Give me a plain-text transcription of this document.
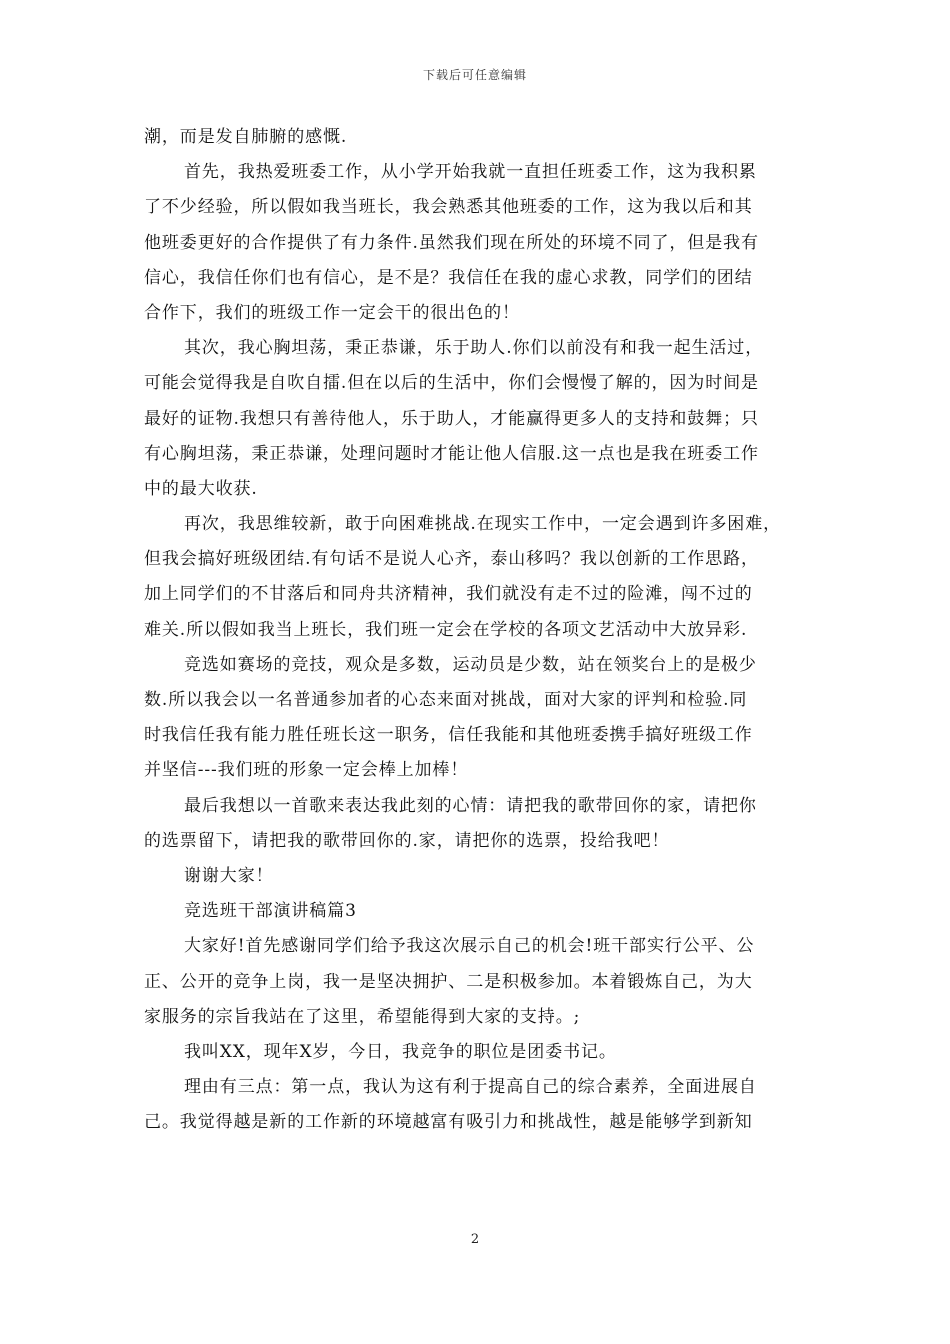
下载后可任意编辑
潮，而是发自肺腑的感慨.
首先，我热爱班委工作，从小学开始我就一直担任班委工作，这为我积累
了不少经验，所以假如我当班长，我会熟悉其他班委的工作，这为我以后和其
他班委更好的合作提供了有力条件.虽然我们现在所处的环境不同了，但是我有
信心，我信任你们也有信心，是不是？我信任在我的虚心求教，同学们的团结
合作下，我们的班级工作一定会干的很出色的！
其次，我心胸坦荡，秉正恭谦，乐于助人.你们以前没有和我一起生活过，
可能会觉得我是自吹自擂.但在以后的生活中，你们会慢慢了解的，因为时间是
最好的证物.我想只有善待他人，乐于助人，才能赢得更多人的支持和鼓舞；只
有心胸坦荡，秉正恭谦，处理问题时才能让他人信服.这一点也是我在班委工作
中的最大收获.
再次，我思维较新，敢于向困难挑战.在现实工作中，一定会遇到许多困难，
但我会搞好班级团结.有句话不是说人心齐，泰山移吗？我以创新的工作思路，
加上同学们的不甘落后和同舟共济精神，我们就没有走不过的险滩，闯不过的
难关.所以假如我当上班长，我们班一定会在学校的各项文艺活动中大放异彩.
竞选如赛场的竞技，观众是多数，运动员是少数，站在领奖台上的是极少
数.所以我会以一名普通参加者的心态来面对挑战，面对大家的评判和检验.同
时我信任我有能力胜任班长这一职务，信任我能和其他班委携手搞好班级工作
并坚信---我们班的形象一定会棒上加棒！
最后我想以一首歌来表达我此刻的心情：请把我的歌带回你的家，请把你
的选票留下，请把我的歌带回你的.家，请把你的选票，投给我吧！
谢谢大家！
竞选班干部演讲稿篇3
大家好!首先感谢同学们给予我这次展示自己的机会!班干部实行公平、公
正、公开的竞争上岗，我一是坚决拥护、二是积极参加。本着锻炼自己，为大
家服务的宗旨我站在了这里，希望能得到大家的支持。;
我叫XX，现年X岁，今日，我竞争的职位是团委书记。
理由有三点：第一点，我认为这有利于提高自己的综合素养，全面进展自
己。我觉得越是新的工作新的环境越富有吸引力和挑战性，越是能够学到新知
2
